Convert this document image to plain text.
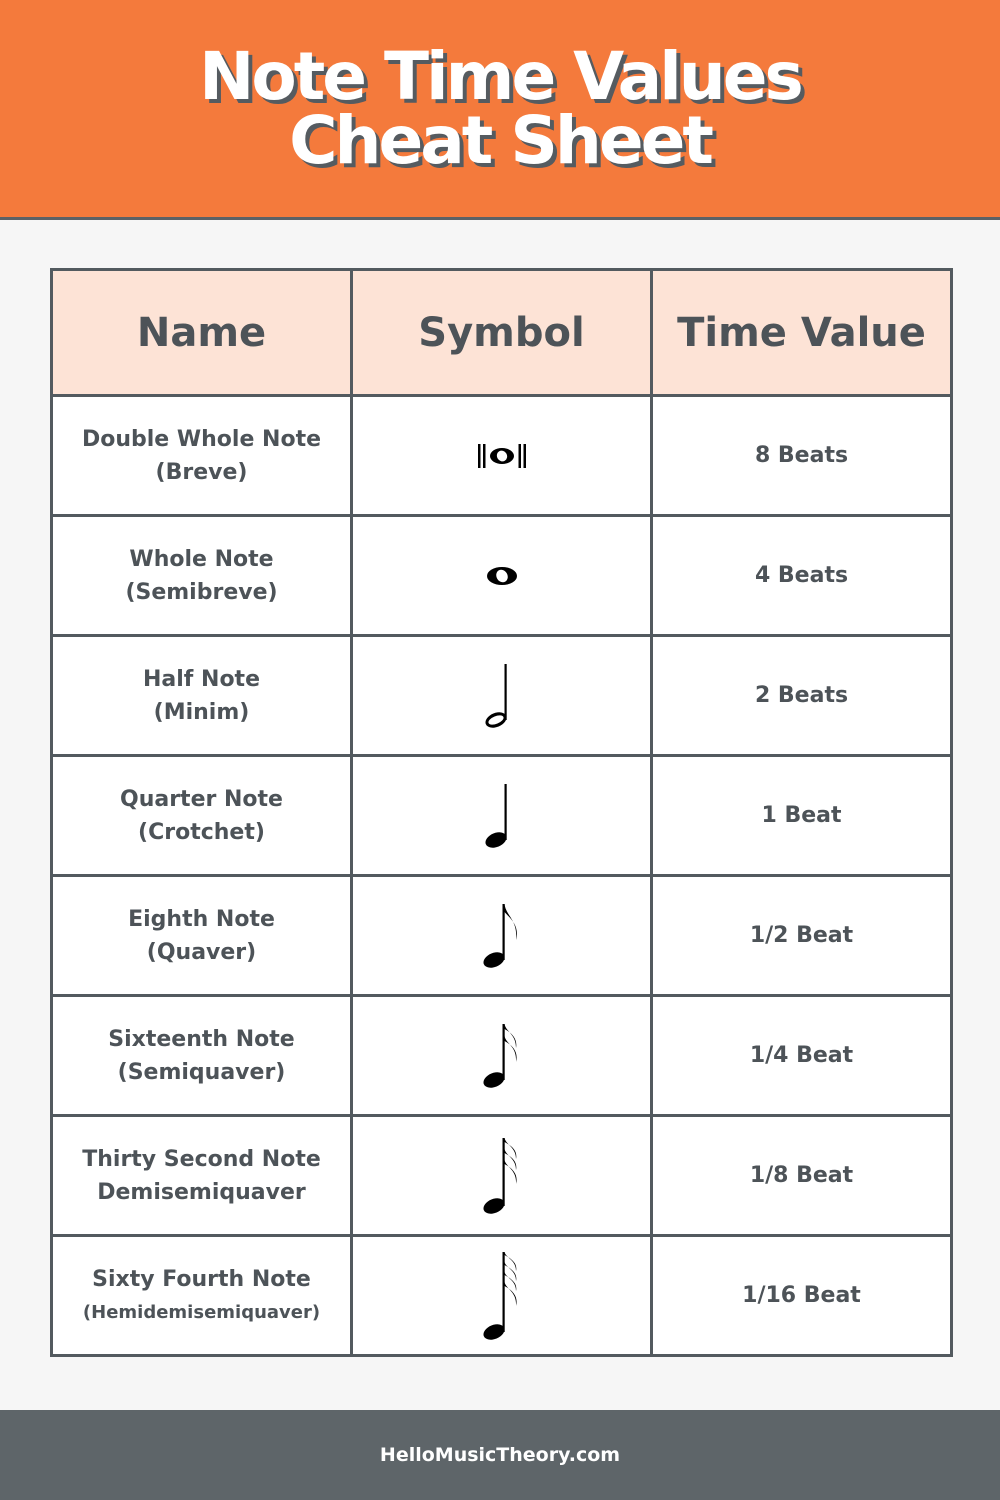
Note Time Values
Cheat Sheet
Name	Symbol	Time Value

Double Whole Note
(Breve)		8 Beats

Whole Note
(Semibreve)		4 Beats

Half Note
(Minim)		2 Beats

Quarter Note
(Crotchet)		1 Beat

Eighth Note
(Quaver)		1/2 Beat

Sixteenth Note
(Semiquaver)		1/4 Beat

Thirty Second Note
Demisemiquaver		1/8 Beat

Sixty Fourth Note
(Hemidemisemiquaver)		1/16 Beat
HelloMusicTheory.com
